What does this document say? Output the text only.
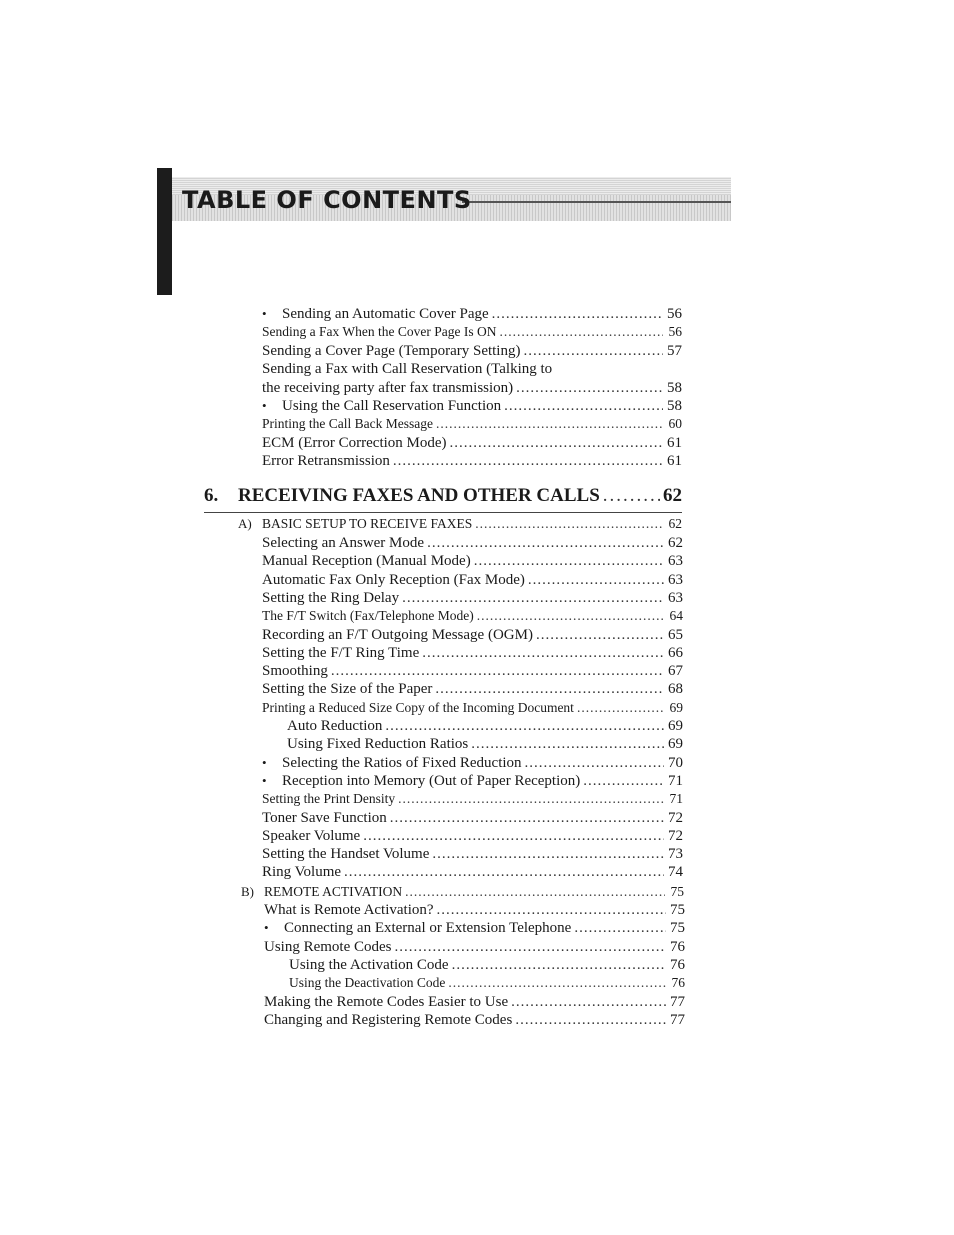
TABLE OF CONTENTS
•	Sending an Automatic Cover Page .....	56
Sending a Fax When the Cover Page Is ON .....	56
Sending a Cover Page (Temporary Setting) .....	57
Sending a Fax with Call Reservation (Talking to
the receiving party after fax transmission) .....	58
•	Using the Call Reservation Function .....	58
Printing the Call Back Message .....	60
ECM (Error Correction Mode) .....	61
Error Retransmission .....	61
6.	RECEIVING FAXES AND OTHER CALLS .....	62
A) BASIC SETUP TO RECEIVE FAXES .....	62
Selecting an Answer Mode .....	62
Manual Reception (Manual Mode) .....	63
Automatic Fax Only Reception (Fax Mode) .....	63
Setting the Ring Delay .....	63
The F/T Switch (Fax/Telephone Mode) .....	64
Recording an F/T Outgoing Message (OGM) .....	65
Setting the F/T Ring Time .....	66
Smoothing .....	67
Setting the Size of the Paper .....	68
Printing a Reduced Size Copy of the Incoming Document .....	69
Auto Reduction .....	69
Using Fixed Reduction Ratios .....	69
•	Selecting the Ratios of Fixed Reduction .....	70
•	Reception into Memory (Out of Paper Reception) .....	71
Setting the Print Density .....	71
Toner Save Function .....	72
Speaker Volume .....	72
Setting the Handset Volume .....	73
Ring Volume .....	74
B) REMOTE ACTIVATION .....	75
What is Remote Activation? .....	75
•	Connecting an External or Extension Telephone .....	75
Using Remote Codes .....	76
Using the Activation Code .....	76
Using the Deactivation Code .....	76
Making the Remote Codes Easier to Use .....	77
Changing and Registering Remote Codes .....	77
